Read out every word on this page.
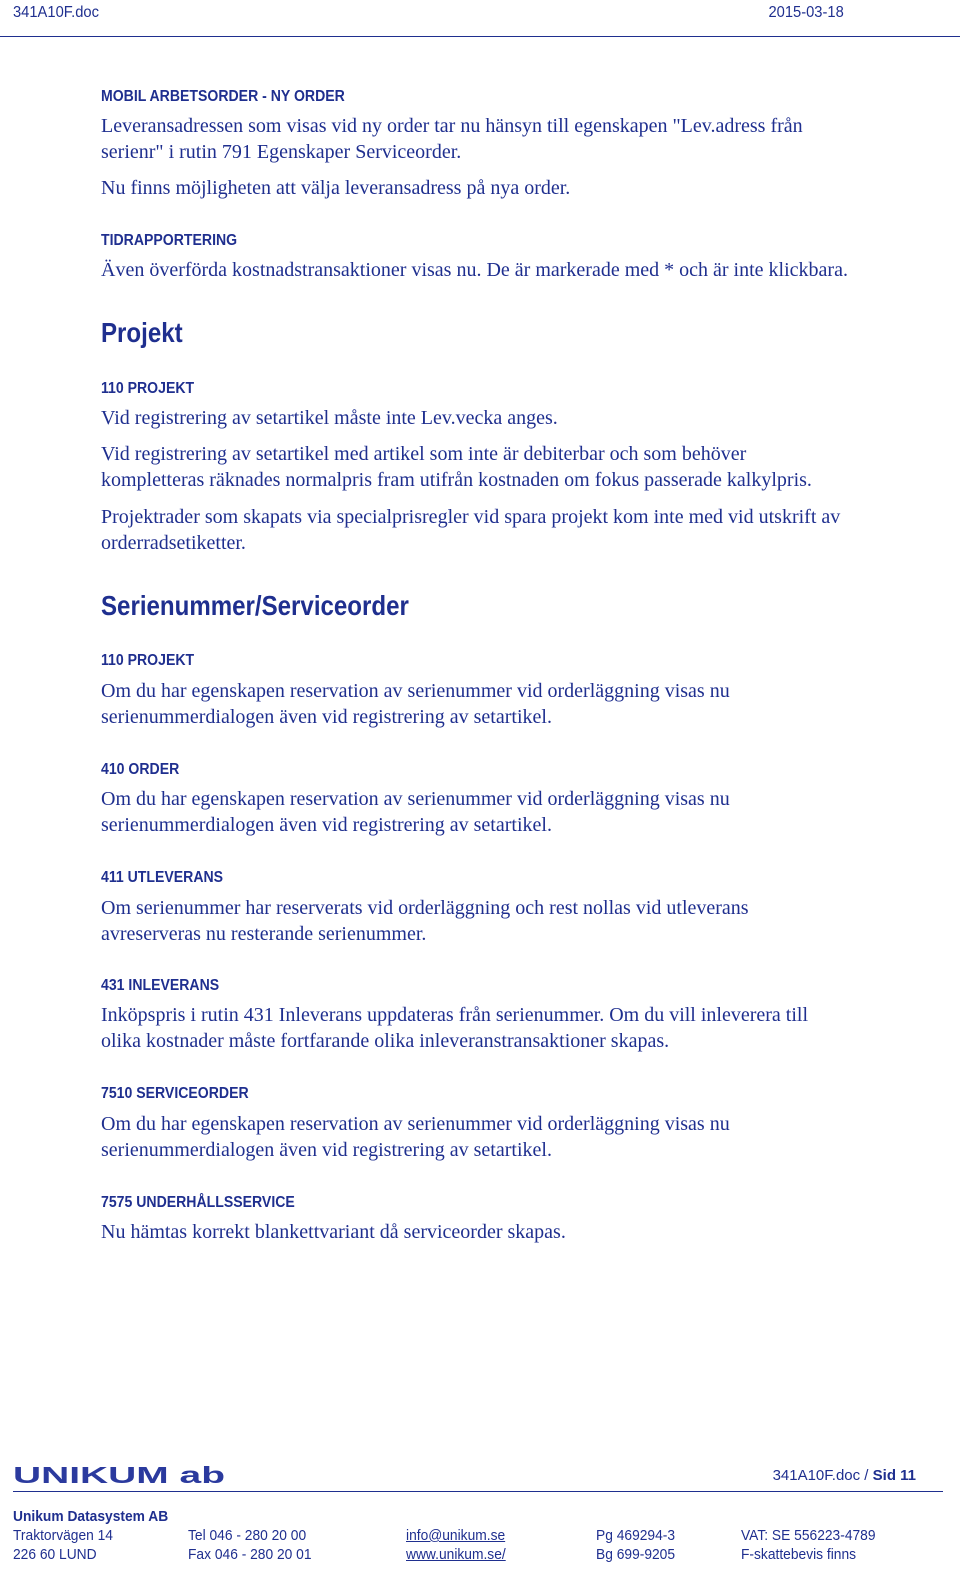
341A10F.doc	2015-03-18
MOBIL ARBETSORDER - NY ORDER
Leveransadressen som visas vid ny order tar nu hänsyn till egenskapen "Lev.adress från
serienr" i rutin 791 Egenskaper Serviceorder.
Nu finns möjligheten att välja leveransadress på nya order.
TIDRAPPORTERING
Även överförda kostnadstransaktioner visas nu. De är markerade med * och är inte klickbara.
Projekt
110 PROJEKT
Vid registrering av setartikel måste inte Lev.vecka anges.
Vid registrering av setartikel med artikel som inte är debiterbar och som behöver
kompletteras räknades normalpris fram utifrån kostnaden om fokus passerade kalkylpris.
Projektrader som skapats via specialprisregler vid spara projekt kom inte med vid utskrift av
orderradsetiketter.
Serienummer/Serviceorder
110 PROJEKT
Om du har egenskapen reservation av serienummer vid orderläggning visas nu
serienummerdialogen även vid registrering av setartikel.
410 ORDER
Om du har egenskapen reservation av serienummer vid orderläggning visas nu
serienummerdialogen även vid registrering av setartikel.
411 UTLEVERANS
Om serienummer har reserverats vid orderläggning och rest nollas vid utleverans
avreserveras nu resterande serienummer.
431 INLEVERANS
Inköpspris i rutin 431 Inleverans uppdateras från serienummer. Om du vill inleverera till
olika kostnader måste fortfarande olika inleveranstransaktioner skapas.
7510 SERVICEORDER
Om du har egenskapen reservation av serienummer vid orderläggning visas nu
serienummerdialogen även vid registrering av setartikel.
7575 UNDERHÅLLSSERVICE
Nu hämtas korrekt blankettvariant då serviceorder skapas.
UNIKUM ab	341A10F.doc / Sid 11
Unikum Datasystem AB
Traktorvägen 14
226 60 LUND
Tel 046 - 280 20 00
Fax 046 - 280 20 01
info@unikum.se
www.unikum.se/
Pg 469294-3
Bg 699-9205
VAT: SE 556223-4789
F-skattebevis finns
